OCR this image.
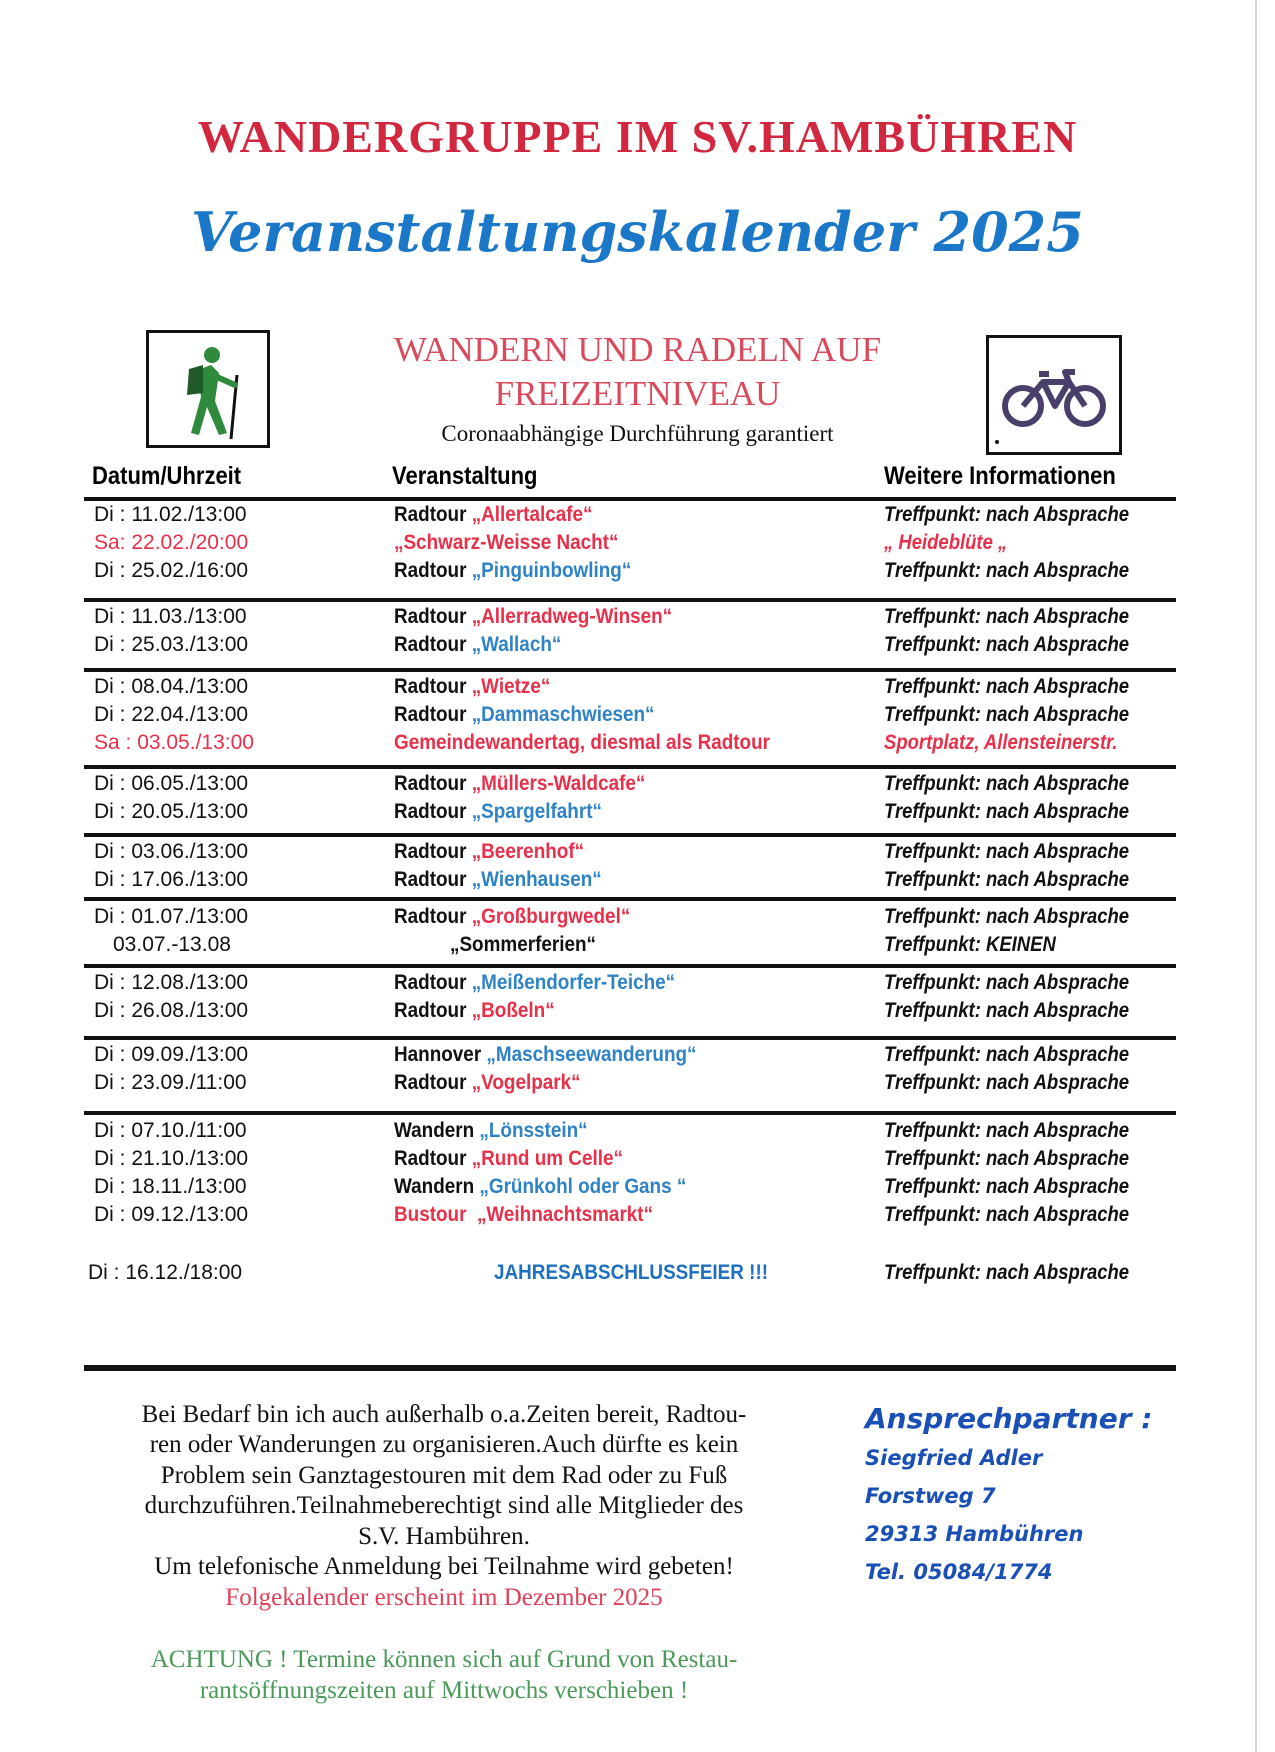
WANDERGRUPPE IM SV.HAMBÜHREN
Veranstaltungskalender 2025
WANDERN UND RADELN AUF
FREIZEITNIVEAU
Coronaabhängige Durchführung garantiert
Datum/Uhrzeit	Veranstaltung	Weitere Informationen
Di : 11.02./13:00	Radtour „Allertalcafe“	Treffpunkt: nach Absprache
Sa: 22.02./20:00	„Schwarz-Weisse Nacht“	„ Heideblüte „
Di : 25.02./16:00	Radtour „Pinguinbowling“	Treffpunkt: nach Absprache
Di : 11.03./13:00	Radtour „Allerradweg-Winsen“	Treffpunkt: nach Absprache
Di : 25.03./13:00	Radtour „Wallach“	Treffpunkt: nach Absprache
Di : 08.04./13:00	Radtour „Wietze“	Treffpunkt: nach Absprache
Di : 22.04./13:00	Radtour „Dammaschwiesen“	Treffpunkt: nach Absprache
Sa : 03.05./13:00	Gemeindewandertag, diesmal als Radtour	Sportplatz, Allensteinerstr.
Di : 06.05./13:00	Radtour „Müllers-Waldcafe“	Treffpunkt: nach Absprache
Di : 20.05./13:00	Radtour „Spargelfahrt“	Treffpunkt: nach Absprache
Di : 03.06./13:00	Radtour „Beerenhof“	Treffpunkt: nach Absprache
Di : 17.06./13:00	Radtour „Wienhausen“	Treffpunkt: nach Absprache
Di : 01.07./13:00	Radtour „Großburgwedel“	Treffpunkt: nach Absprache
03.07.-13.08	„Sommerferien“	Treffpunkt: KEINEN
Di : 12.08./13:00	Radtour „Meißendorfer-Teiche“	Treffpunkt: nach Absprache
Di : 26.08./13:00	Radtour „Boßeln“	Treffpunkt: nach Absprache
Di : 09.09./13:00	Hannover „Maschseewanderung“	Treffpunkt: nach Absprache
Di : 23.09./11:00	Radtour „Vogelpark“	Treffpunkt: nach Absprache
Di : 07.10./11:00	Wandern „Lönsstein“	Treffpunkt: nach Absprache
Di : 21.10./13:00	Radtour „Rund um Celle“	Treffpunkt: nach Absprache
Di : 18.11./13:00	Wandern „Grünkohl oder Gans “	Treffpunkt: nach Absprache
Di : 09.12./13:00	Bustour „Weihnachtsmarkt“	Treffpunkt: nach Absprache
Di : 16.12./18:00	JAHRESABSCHLUSSFEIER !!!	Treffpunkt: nach Absprache
Bei Bedarf bin ich auch außerhalb o.a.Zeiten bereit, Radtou-
ren oder Wanderungen zu organisieren.Auch dürfte es kein
Problem sein Ganztagestouren mit dem Rad oder zu Fuß
durchzuführen.Teilnahmeberechtigt sind alle Mitglieder des
S.V. Hambühren.
Um telefonische Anmeldung bei Teilnahme wird gebeten!
Folgekalender erscheint im Dezember 2025
ACHTUNG ! Termine können sich auf Grund von Restau-
rantsöffnungszeiten auf Mittwochs verschieben !
Ansprechpartner :
Siegfried Adler
Forstweg 7
29313 Hambühren
Tel. 05084/1774
